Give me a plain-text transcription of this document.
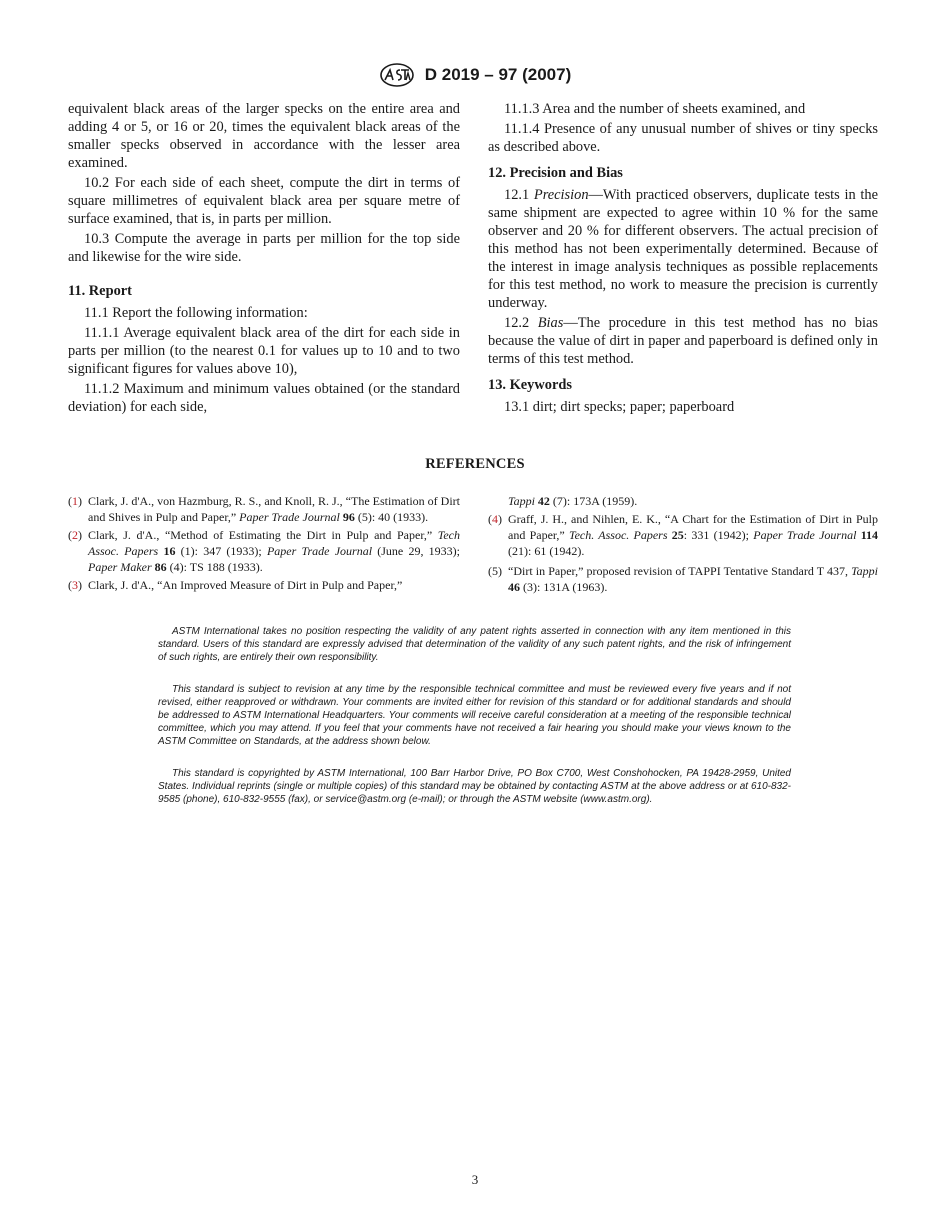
D 2019 – 97 (2007)

equivalent black areas of the larger specks on the entire area and adding 4 or 5, or 16 or 20, times the equivalent black areas of the smaller specks observed in accordance with the lesser area examined.

10.2 For each side of each sheet, compute the dirt in terms of square millimetres of equivalent black area per square metre of surface examined, that is, in parts per million.

10.3 Compute the average in parts per million for the top side and likewise for the wire side.

11. Report

11.1 Report the following information:

11.1.1 Average equivalent black area of the dirt for each side in parts per million (to the nearest 0.1 for values up to 10 and to two significant figures for values above 10),

11.1.2 Maximum and minimum values obtained (or the standard deviation) for each side,

11.1.3 Area and the number of sheets examined, and

11.1.4 Presence of any unusual number of shives or tiny specks as described above.

12. Precision and Bias

12.1 Precision—With practiced observers, duplicate tests in the same shipment are expected to agree within 10 % for the same observer and 20 % for different observers. The actual precision of this method has not been experimentally determined. Because of the interest in image analysis techniques as possible replacements for this test method, no work to measure the precision is currently underway.

12.2 Bias—The procedure in this test method has no bias because the value of dirt in paper and paperboard is defined only in terms of this test method.

13. Keywords

13.1 dirt; dirt specks; paper; paperboard

REFERENCES
(1) Clark, J. d'A., von Hazmburg, R. S., and Knoll, R. J., “The Estimation of Dirt and Shives in Pulp and Paper,” Paper Trade Journal 96 (5): 40 (1933).
(2) Clark, J. d'A., “Method of Estimating the Dirt in Pulp and Paper,” Tech Assoc. Papers 16 (1): 347 (1933); Paper Trade Journal (June 29, 1933); Paper Maker 86 (4): TS 188 (1933).
(3) Clark, J. d'A., “An Improved Measure of Dirt in Pulp and Paper,”
Tappi 42 (7): 173A (1959).
(4) Graff, J. H., and Nihlen, E. K., “A Chart for the Estimation of Dirt in Pulp and Paper,” Tech. Assoc. Papers 25: 331 (1942); Paper Trade Journal 114 (21): 61 (1942).
(5) “Dirt in Paper,” proposed revision of TAPPI Tentative Standard T 437, Tappi 46 (3): 131A (1963).

ASTM International takes no position respecting the validity of any patent rights asserted in connection with any item mentioned in this standard. Users of this standard are expressly advised that determination of the validity of any such patent rights, and the risk of infringement of such rights, are entirely their own responsibility.

This standard is subject to revision at any time by the responsible technical committee and must be reviewed every five years and if not revised, either reapproved or withdrawn. Your comments are invited either for revision of this standard or for additional standards and should be addressed to ASTM International Headquarters. Your comments will receive careful consideration at a meeting of the responsible technical committee, which you may attend. If you feel that your comments have not received a fair hearing you should make your views known to the ASTM Committee on Standards, at the address shown below.

This standard is copyrighted by ASTM International, 100 Barr Harbor Drive, PO Box C700, West Conshohocken, PA 19428-2959, United States. Individual reprints (single or multiple copies) of this standard may be obtained by contacting ASTM at the above address or at 610-832-9585 (phone), 610-832-9555 (fax), or service@astm.org (e-mail); or through the ASTM website (www.astm.org).

3
